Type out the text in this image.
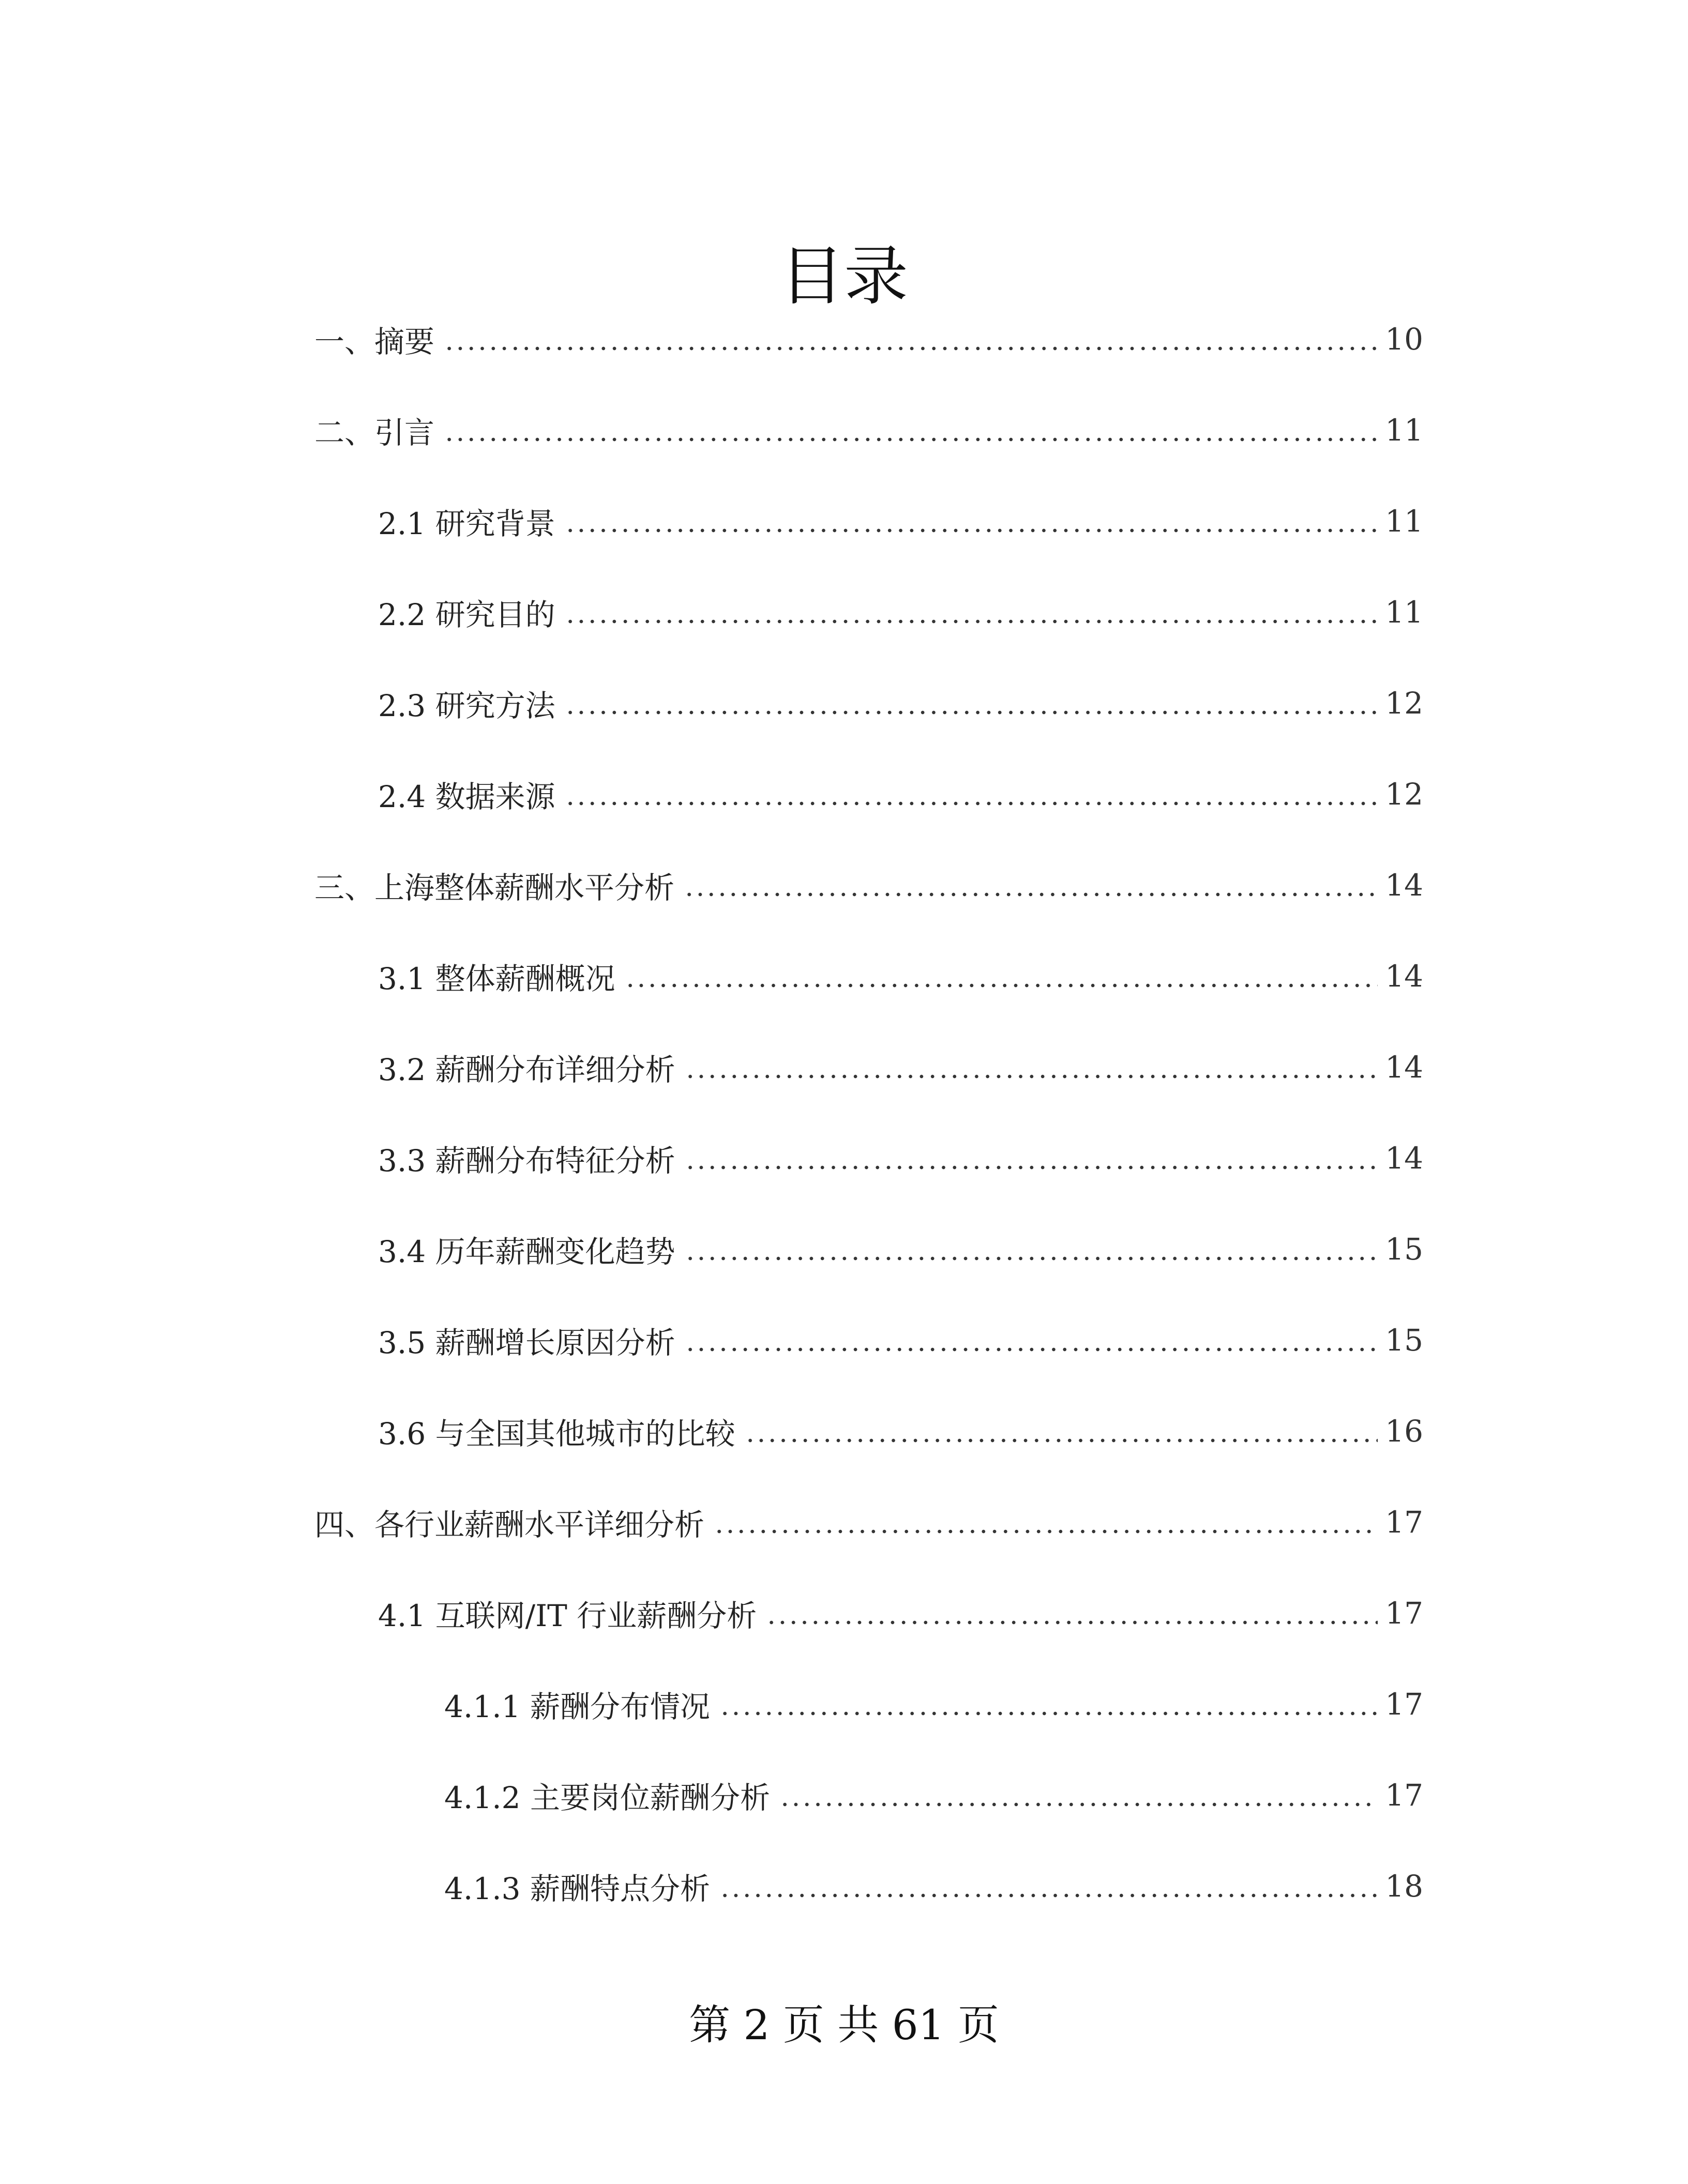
目录
一、摘要	10
二、引言	11
2.1 研究背景	11
2.2 研究目的	11
2.3 研究方法	12
2.4 数据来源	12
三、上海整体薪酬水平分析	14
3.1 整体薪酬概况	14
3.2 薪酬分布详细分析	14
3.3 薪酬分布特征分析	14
3.4 历年薪酬变化趋势	15
3.5 薪酬增长原因分析	15
3.6 与全国其他城市的比较	16
四、各行业薪酬水平详细分析	17
4.1 互联网/IT 行业薪酬分析	17
4.1.1 薪酬分布情况	17
4.1.2 主要岗位薪酬分析	17
4.1.3 薪酬特点分析	18
第 2 页 共 61 页
